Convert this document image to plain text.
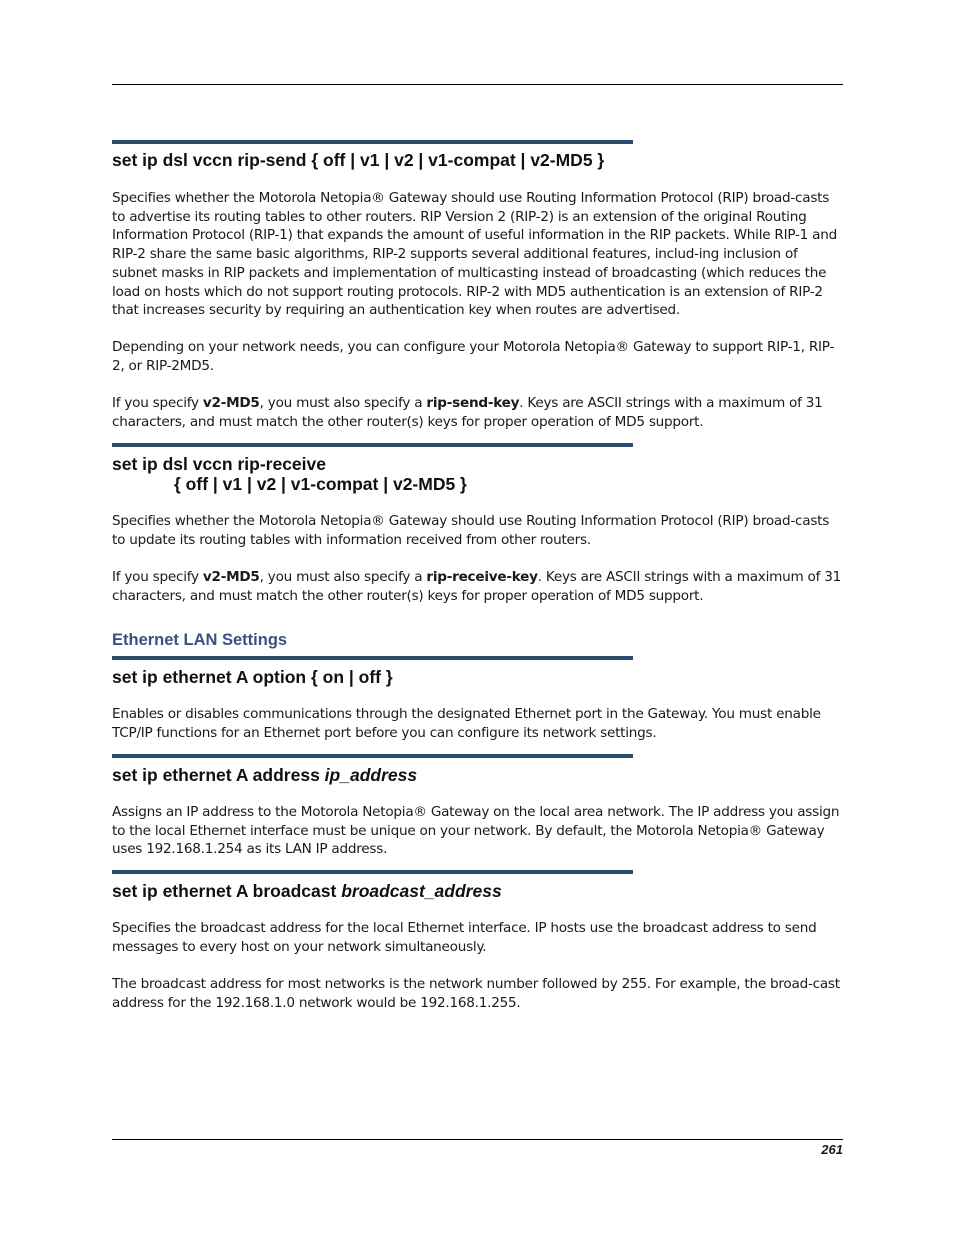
set ip dsl vccn rip-send { off | v1 | v2 | v1-compat | v2-MD5 }

Specifies whether the Motorola Netopia® Gateway should use Routing Information Protocol (RIP) broad-casts to advertise its routing tables to other routers. RIP Version 2 (RIP-2) is an extension of the original Routing Information Protocol (RIP-1) that expands the amount of useful information in the RIP packets. While RIP-1 and RIP-2 share the same basic algorithms, RIP-2 supports several additional features, includ-ing inclusion of subnet masks in RIP packets and implementation of multicasting instead of broadcasting (which reduces the load on hosts which do not support routing protocols. RIP-2 with MD5 authentication is an extension of RIP-2 that increases security by requiring an authentication key when routes are advertised.

Depending on your network needs, you can configure your Motorola Netopia® Gateway to support RIP-1, RIP-2, or RIP-2MD5.

If you specify v2-MD5, you must also specify a rip-send-key. Keys are ASCII strings with a maximum of 31 characters, and must match the other router(s) keys for proper operation of MD5 support.

set ip dsl vccn rip-receive
{ off | v1 | v2 | v1-compat | v2-MD5 }

Specifies whether the Motorola Netopia® Gateway should use Routing Information Protocol (RIP) broad-casts to update its routing tables with information received from other routers.

If you specify v2-MD5, you must also specify a rip-receive-key. Keys are ASCII strings with a maximum of 31 characters, and must match the other router(s) keys for proper operation of MD5 support.

Ethernet LAN Settings
set ip ethernet A option { on | off }

Enables or disables communications through the designated Ethernet port in the Gateway. You must enable TCP/IP functions for an Ethernet port before you can configure its network settings.

set ip ethernet A address ip_address

Assigns an IP address to the Motorola Netopia® Gateway on the local area network. The IP address you assign to the local Ethernet interface must be unique on your network. By default, the Motorola Netopia® Gateway uses 192.168.1.254 as its LAN IP address.

set ip ethernet A broadcast broadcast_address

Specifies the broadcast address for the local Ethernet interface. IP hosts use the broadcast address to send messages to every host on your network simultaneously.

The broadcast address for most networks is the network number followed by 255. For example, the broad-cast address for the 192.168.1.0 network would be 192.168.1.255.

261
